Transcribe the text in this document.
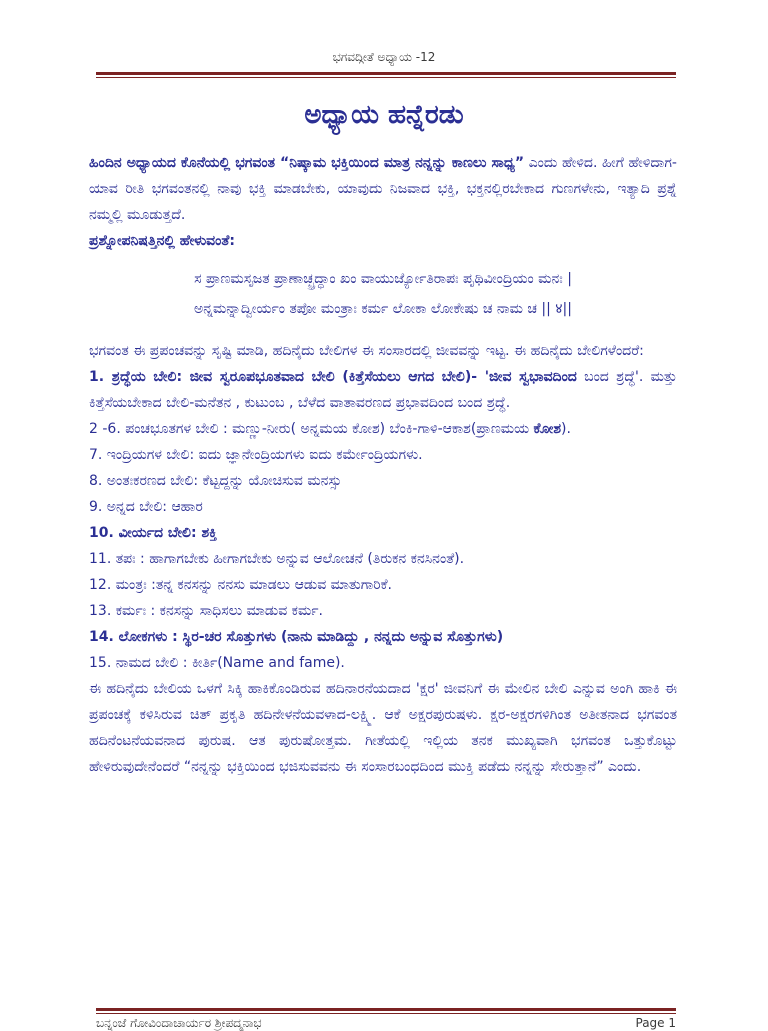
ಭಗವದ್ಗೀತೆ ಅಧ್ಯಾಯ -12
ಅಧ್ಯಾಯ ಹನ್ನೆರಡು

ಹಿಂದಿನ ಅಧ್ಯಾಯದ ಕೊನೆಯಲ್ಲಿ ಭಗವಂತ “ನಿಷ್ಕಾಮ ಭಕ್ತಿಯಿಂದ ಮಾತ್ರ ನನ್ನನ್ನು ಕಾಣಲು ಸಾಧ್ಯ” ಎಂದು ಹೇಳಿದ. ಹೀಗೆ ಹೇಳಿದಾಗ-ಯಾವ ರೀತಿ ಭಗವಂತನಲ್ಲಿ ನಾವು ಭಕ್ತಿ ಮಾಡಬೇಕು, ಯಾವುದು ನಿಜವಾದ ಭಕ್ತಿ, ಭಕ್ತನಲ್ಲಿರಬೇಕಾದ ಗುಣಗಳೇನು, ಇತ್ಯಾದಿ ಪ್ರಶ್ನೆ ನಮ್ಮಲ್ಲಿ ಮೂಡುತ್ತದೆ.

ಪ್ರಶ್ನೋಪನಿಷತ್ತಿನಲ್ಲಿ ಹೇಳುವಂತೆ:

ಸ ಪ್ರಾಣಮಸೃಜತ ಪ್ರಾಣಾಚ್ಛ್ರದ್ಧಾಂ ಖಂ ವಾಯುರ್ಜ್ಯೋತಿರಾಪಃ ಪೃಥಿವೀಂದ್ರಿಯಂ ಮನಃ |
ಅನ್ನಮನ್ನಾದ್ವೀರ್ಯಂ ತಪೋ ಮಂತ್ರಾಃ ಕರ್ಮ ಲೋಕಾ ಲೋಕೇಷು ಚ ನಾಮ ಚ || ४||

ಭಗವಂತ ಈ ಪ್ರಪಂಚವನ್ನು ಸೃಷ್ಟಿ ಮಾಡಿ, ಹದಿನೈದು ಬೇಲಿಗಳ ಈ ಸಂಸಾರದಲ್ಲಿ ಜೀವವನ್ನು ಇಟ್ಟ. ಈ ಹದಿನೈದು ಬೇಲಿಗಳೆಂದರೆ:

1. ಶ್ರದ್ಧೆಯ ಬೇಲಿ: ಜೀವ ಸ್ವರೂಪಭೂತವಾದ ಬೇಲಿ (ಕಿತ್ತೆಸೆಯಲು ಆಗದ ಬೇಲಿ)- 'ಜೀವ ಸ್ವಭಾವದಿಂದ ಬಂದ ಶ್ರದ್ಧೆ'. ಮತ್ತು ಕಿತ್ತೆಸೆಯಬೇಕಾದ ಬೇಲಿ-ಮನೆತನ , ಕುಟುಂಬ , ಬೆಳೆದ ವಾತಾವರಣದ ಪ್ರಭಾವದಿಂದ ಬಂದ ಶ್ರದ್ಧೆ.

2 -6. ಪಂಚಭೂತಗಳ ಬೇಲಿ : ಮಣ್ಣು-ನೀರು( ಅನ್ನಮಯ ಕೋಶ) ಬೆಂಕಿ-ಗಾಳಿ-ಆಕಾಶ(ಪ್ರಾಣಮಯ ಕೋಶ).

7. ಇಂದ್ರಿಯಗಳ ಬೇಲಿ: ಐದು ಜ್ಞಾನೇಂದ್ರಿಯಗಳು ಐದು ಕರ್ಮೇಂದ್ರಿಯಗಳು.

8. ಅಂತಃಕರಣದ ಬೇಲಿ: ಕೆಟ್ಟದ್ದನ್ನು ಯೋಚಿಸುವ ಮನಸ್ಸು

9. ಅನ್ನದ ಬೇಲಿ: ಆಹಾರ

10. ವೀರ್ಯದ ಬೇಲಿ: ಶಕ್ತಿ

11. ತಪಃ : ಹಾಗಾಗಬೇಕು ಹೀಗಾಗಬೇಕು ಅನ್ನುವ ಆಲೋಚನೆ (ತಿರುಕನ ಕನಸಿನಂತೆ).

12. ಮಂತ್ರಃ :ತನ್ನ ಕನಸನ್ನು ನನಸು ಮಾಡಲು ಆಡುವ ಮಾತುಗಾರಿಕೆ.

13. ಕರ್ಮಃ : ಕನಸನ್ನು ಸಾಧಿಸಲು ಮಾಡುವ ಕರ್ಮ.

14. ಲೋಕಗಳು : ಸ್ಥಿರ-ಚರ ಸೊತ್ತುಗಳು (ನಾನು ಮಾಡಿದ್ದು , ನನ್ನದು ಅನ್ನುವ ಸೊತ್ತುಗಳು)

15. ನಾಮದ ಬೇಲಿ : ಕೀರ್ತಿ(Name and fame).

ಈ ಹದಿನೈದು ಬೇಲಿಯ ಒಳಗೆ ಸಿಕ್ಕಿ ಹಾಕಿಕೊಂಡಿರುವ ಹದಿನಾರನೆಯದಾದ 'ಕ್ಷರ' ಜೀವನಿಗೆ ಈ ಮೇಲಿನ ಬೇಲಿ ಎನ್ನುವ ಅಂಗಿ ಹಾಕಿ ಈ ಪ್ರಪಂಚಕ್ಕೆ ಕಳಿಸಿರುವ ಚಿತ್ ಪ್ರಕೃತಿ ಹದಿನೇಳನೆಯವಳಾದ-ಲಕ್ಷ್ಮಿ. ಆಕೆ ಅಕ್ಷರಪುರುಷಳು. ಕ್ಷರ-ಅಕ್ಷರಗಳಿಗಿಂತ ಅತೀತನಾದ ಭಗವಂತ ಹದಿನೆಂಟನೆಯವನಾದ ಪುರುಷ. ಆತ ಪುರುಷೋತ್ತಮ. ಗೀತೆಯಲ್ಲಿ ಇಲ್ಲಿಯ ತನಕ ಮುಖ್ಯವಾಗಿ ಭಗವಂತ ಒತ್ತುಕೊಟ್ಟು ಹೇಳಿರುವುದೇನೆಂದರೆ “ನನ್ನನ್ನು ಭಕ್ತಿಯಿಂದ ಭಜಿಸುವವನು ಈ ಸಂಸಾರಬಂಧದಿಂದ ಮುಕ್ತಿ ಪಡೆದು ನನ್ನನ್ನು ಸೇರುತ್ತಾನೆ” ಎಂದು.

ಬನ್ನಂಜೆ ಗೋವಿಂದಾಚಾರ್ಯರ ಶ್ರೀಪದ್ಮನಾಭ	Page 1
